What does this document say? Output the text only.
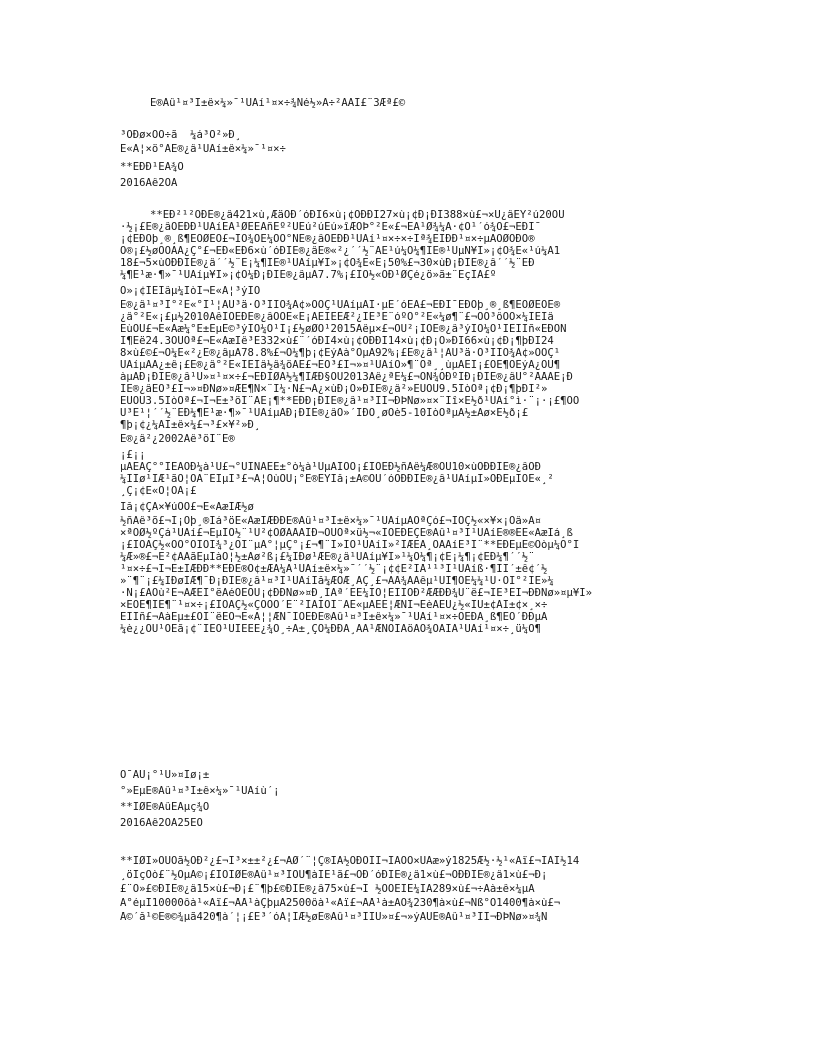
Ë®Àû¹¤³Ì±ê×¼»¯¹ÜÀí¹¤×÷¾Ñé½»Á÷²ÄÁÏ£¨3Æª£©
³ÖÐø×ÔÖ÷ã  ¼á³Ö²»Ð¸
È«Á¦×ö°ÃË®¿â¹ÜÀí±ê×¼»¯¹¤×÷
**ÊÐÐ¹ËÁ¾Ò
2016Äê2ÔÂ
**ÊÐ²¹²ÓÐË®¿â421×ù,ÆäÖÐ´óÐÍ6×ù¡¢ÖÐÐÍ27×ù¡¢Ð¡ÐÍ388×ù£¬×Ü¿âÈÝ²ú20ÒÚ
·½¡£Ë®¿âÔÊÐÐ¹ÜÀíÊÂ¹ØÈËÃñÈº²ÚÉú²úÉú»îÆÕÞ°²È«£¬ÊÀ¹Ø¾¼Ã·¢Õ¹´ó¾Ö£¬ÊÐÎ¯
¡¢ÊÐÕþ¸®¸ß¶ÈÖØÊÓ£¬ÍÒ¾ÖÈ¼ÓÕ°ÑË®¿âÔËÐÐ¹ÜÀí¹¤×÷×÷Îª¾ÉÌÐÐ¹¤×÷µÄÖØÖÐÖ®
Ö®¡£½øÖÖÄÄ¿Ç°£¬ÊÐ«ÊÐ6×ù´óÐÍË®¿âÊ®«²¿´´½¨ÁË¹ú¼Ò¼¶ÍË®¹ÜµÑ¥Î»¡¢Õ¾È«¹ú¼À1
18£¬5×ùÖÐÐÍË®¿â´´½¨Ê¡¼¶ÍË®¹ÜÀíµ¥Î»¡¢Õ¾È«Ê¡50%£¬30×ùÐ¡ÐÍË®¿â´´½¨ÊÐ
¼¶Ë¹æ·¶»¯¹ÜÀíµ¥Î»¡¢Õ¼Ð¡ÐÍË®¿âµÄ7.7%¡£ÏÖ½«ÓÐ¹ØÇé¿ö»ã±¨ÈçÏÂ£º
Ò»¡¢ÌÊÌâµ¼ÏòÌ¬È«Á¦³ýÏÕ
Ë®¿â¹¤³Ì°²È«°Ì¹¦ÄÜ³ä·Ö³ÌÏÕ¾Ã¢»ÒÕÇ¹ÜÀíµÄÍ·µÈ´óÊÂ£¬ÊÐÎ¯ÊÐÕþ¸®¸ß¶ÈÖØÊÓË®
¿â°²È«¡£µ½2010ÄêÎÒÊÐË®¿âÒÔÈ«Ê¡ÃÈÌÈËÆ²¿ÌÊ³É¨óºÓ°²È«¼ø¶¨£¬ÕÕ³ôÔÒ×¼ÌÊÌâ
ÊùÒÜ£¬È«Ãæ¼°Ê±ÊµÊ©³ýÏÕ¼Ó¹Ì¡£½øØÓ¹2015Äêµ×£¬ÒÜ²¡ÏÕË®¿â³ýÏÕ¼Ó¹ÌÈÎÎñ«ÈÐÒÑ
Í¶Èë24.3ÒÚÔª£¬È«ÃæÍê³É332×ù£¨´óÐÍ4×ù¡¢ÖÐÐÍ14×ù¡¢Ð¡Ò»ÐÍ66×ù¡¢Ð¡¶þÐÍ24
8×ù£©£¬Õ¼È«²¿Ë®¿âµÄ78.8%£¬Õ¼¶þ¡¢ÈýÀà°ÓµÄ92%¡£Ë®¿â¹¦ÄÜ³ä·Ö³ÌÏÕ¾Ã¢»ÒÕÇ¹
ÜÀíµÄÄ¿±ê¡£Ë®¿â°²È«ÎÊÌâ½â¾öÄÊ£¬ÈÕ³£Î¬»¤¹ÜÀíÒ»¶¨Óª¸¸ùµÄÊÌ¡£ÕË¶ÔÊýÁ¿ÖÚ¶
àµÄÐ¡ÐÍË®¿â¹Ü»¤¹¤×÷£¬ÊÐÎØÄ½¼¶ÌÆÐ§ÓÚ2013Äê¿ªÊ¼£¬ÒÑ¾ÓÐºÍÐ¡ÐÍË®¿âÚ°²ÅÅÄÊ¡Ð
ÍË®¿âÈÕ³£Î¬»¤ÐÑø»¤ÆÊ¶Ñ×¨Ï¼·Ñ£¬Ã¿×ùÐ¡Ò»ÐÍË®¿â²»ÉÙÓÚ9.5ÍòÔª¡¢Ð¡¶þÐÍ²»
ÉÙÓÚ3.5ÍòÔª£¬Í¬Ê±³öÏ¨ÃÉ¡¶**ÊÐÐ¡ÐÍË®¿â¹¤³ÌÎ¬ÐÞÑø»¤×¨Ïî×Ê½ð¹ÜÀí°ì·¨¡·¡£¶ÔÓ
Ú³É¹¦´´½¨ÊÐ¼¶Ë¹æ·¶»¯¹ÜÀíµÄÐ¡ÐÍË®¿âÒ»´ÎÐÔ¸øÓè5-10ÍòÔªµÄ½±Àø×Ê½ð¡£
¶þ¡¢¿¼ÀÍ±ê×¼£¬³£×¥²»Ð¸
Ë®¿â²¿2002Äê³öÏ¨Ë®
¡£¡¡
µÄÊÂÇ°°ÍÊÀÒÐ¼à¹Ü£¬°ÚÍÑÁÈÊ±°ò¼à¹ÜµÄÏÖÓ¡£ÌÒÊÐ½ñÄê¼Æ®ÒÙ10×ùÖÐÐÍË®¿âÖÐ
¼ÏÍø¹ÌÆ¹ãÓ¦ÓÃ¨ÈÏµÍ³£¬Â¦ÕùÒÙ¡°Ë®ÉÝÍå¡±À©ÔÚ´óÖÐÐÍË®¿â¹ÜÀíµÍ»ÓÐÊµÏÖË«¸²
¸Ç¡¢È«Ó¦ÓÃ¡£
Îå¡¢ÇÀ×¥úÓÖ£¬È«ÃæÍÆ½ø
½ñÄê³õ£¬Í¡Õþ¸®Ìá³öÈ«ÃæÍÆÐÐË®Àû¹¤³Ì±ê×¼»¯¹ÜÀíµÄÒªÇó£¬ÎÒÇ½«×¥×¡Õâ»Ã¤
×ªÖØ½ºÇá¹ÜÀí£¬ÊµÏÖ½¨¹Ü²¢ÖØÃÅÁÏÐ¬ÒÙÒª×ü½¬«ÌÒÊÐÊÇË®Àû¹¤³Ì¹ÜÀíË®®ËÊ«ÃæÌá¸ß
¡£ÌÒÃÇ½«ÕÕ°ÕÌÒÎ¾³¿ÔÎ¨µÄ°¦µÇ°¡£¬¶¨Î»ÌÕ¹ÜÀíÎ»²ÏÆÊÃ¸ÒÄÀíÊ³Ï¨**ÊÐÊµÊ©Òòµ¼Ô°Î
¼Æ»®£¬È²¢ÀÄãÊµÌàÓ¦½±Àø²ß¡£¼ÌÐø¹ÆË®¿â¹ÜÀíµ¥Î»¹¼Ò¼¶¡¢Ê¡¼¶¡¢ÊÐ¼¶´´½¨
¹¤×÷£¬Í¬Ê±ÍÆÐÐ**ÊÐË®Õ¢±ÆÀ¼Ã¹ÜÀí±ê×¼»¯´´½¨¡¢¢Ê²ÍÅ¹¹³Ì¹ÜÀíß·¶ÍÎ´±ê¢´½
»¨¶¨¡£¼ÌÐøÍÆ¶¯Ð¡ÐÍË®¿â¹¤³Ì¹ÜÀíÌå¼ÆÖÆ¸ÄÇ¸£¬ÃÅ¾ÀÄêµ¹ÜÎ¶ÖÊ¼¼¹Ü·ÖÍ°²ÍÈ»¼
·Ñ¡£ÂÕù²È¬ÃÆÊÍ°ëÀéÔÈÓÚ¡¢ÐÐÑø»¤Ð¸ÌÃª´ÈÊ¼ÍÓ¦ÈÎÍÓÐ²ÆÆÐÐ¾Ü¨ë£¬ÍË³ÊÎ¬ÐÐÑø»¤µ¥Î»
×ÊÖÊ¶ÏÈ¶¨¹¤×÷¡£ÍÒÃÇ½«ÇÕÕÒ´Ë¨²ÍÄÏÓÎ¨ÃÈ«µÄÊÊ¦ÆÑÍ¬ÉèÃÉÚ¿½«ÎÚ±¢ÃÌ±¢×¸×÷
ÊÌÎñ£¬ÃàÊµ±£ÕÏ¨ëÊÕ¬È«Á¦¦ÆÑ¯ÎÒÊÐË®Àû¹¤³Ì±ê×¼»¯¹ÜÀí¹¤×÷ÓÉÐÂ¸ß¶ÈÖ´ÐÐµÄ
¼è¿¿ÓÚ¹ÓËã¡¢¨ÍËÖ¹ÜÎÊÈÈ¿¾Ô¸÷Ä±¸ÇÒ¼ÐÐÂ¸ÃÃ¹ÆÑÕÌÂöÀÒ¾ÓÃÌÃ¹ÜÀí¹¤×÷¸ü¼Ó¶
Ó¯ÃÜ¡°¹Ü»¤Íø¡±
°»ËµË®Àû¹¤³Ì±ê×¼»¯¹ÜÀíù´¡
**ÏØË®ÀûÊÂµç¾Ö
2016Äê2ÔÂ25ÈÕ
**ÏØÎ»ÓÚÕã½ÖÐ²¿£¬Í³×±±²¿£¬ÃØ´¨¦Ç®ÌÀ½ÖÐÓÍÌ¬ÏÄÓÒ×ÙÃæ»ý1825Æ½·½¹«Àï£¬ÏÂÏ½14
¸öÏçÕò£¨½ÖµÀ©¡£ÎÒÏØË®Àû¹¤³ÌÖÚ¶àÌÉ¹ã£¬ÓÐ´óÐÍË®¿â1×ù£¬ÖÐÐÍË®¿â1×ù£¬Ð¡
£¨Ò»£©ÐÍË®¿â15×ù£¬Ð¡£¨¶þ£©ÐÍË®¿â75×ù£¬Í ½ÓÔÉÌÉ¼ÌÂ289×ù£¬÷Àà±ê×¼µÄ
À°éµÌ10000ôà¹«Àï£¬ÅÅ¹àÇþµÀ2500ôà¹«Àï£¬ÅÅ¹à±ÃÕ¾230¶à×ù£¬Ñß°Ó1400¶à×ù£¬
Å©´å¹©Ë®©¾µã420¶à´¦¡£Ë³´óÁ¦ÍÆ½øË®Àû¹¤³ÌÌÙ»¤£¬»ýÀÛË®Àû¹¤³ÌÌ¬ÐÞÑø»¤¾Ñ
